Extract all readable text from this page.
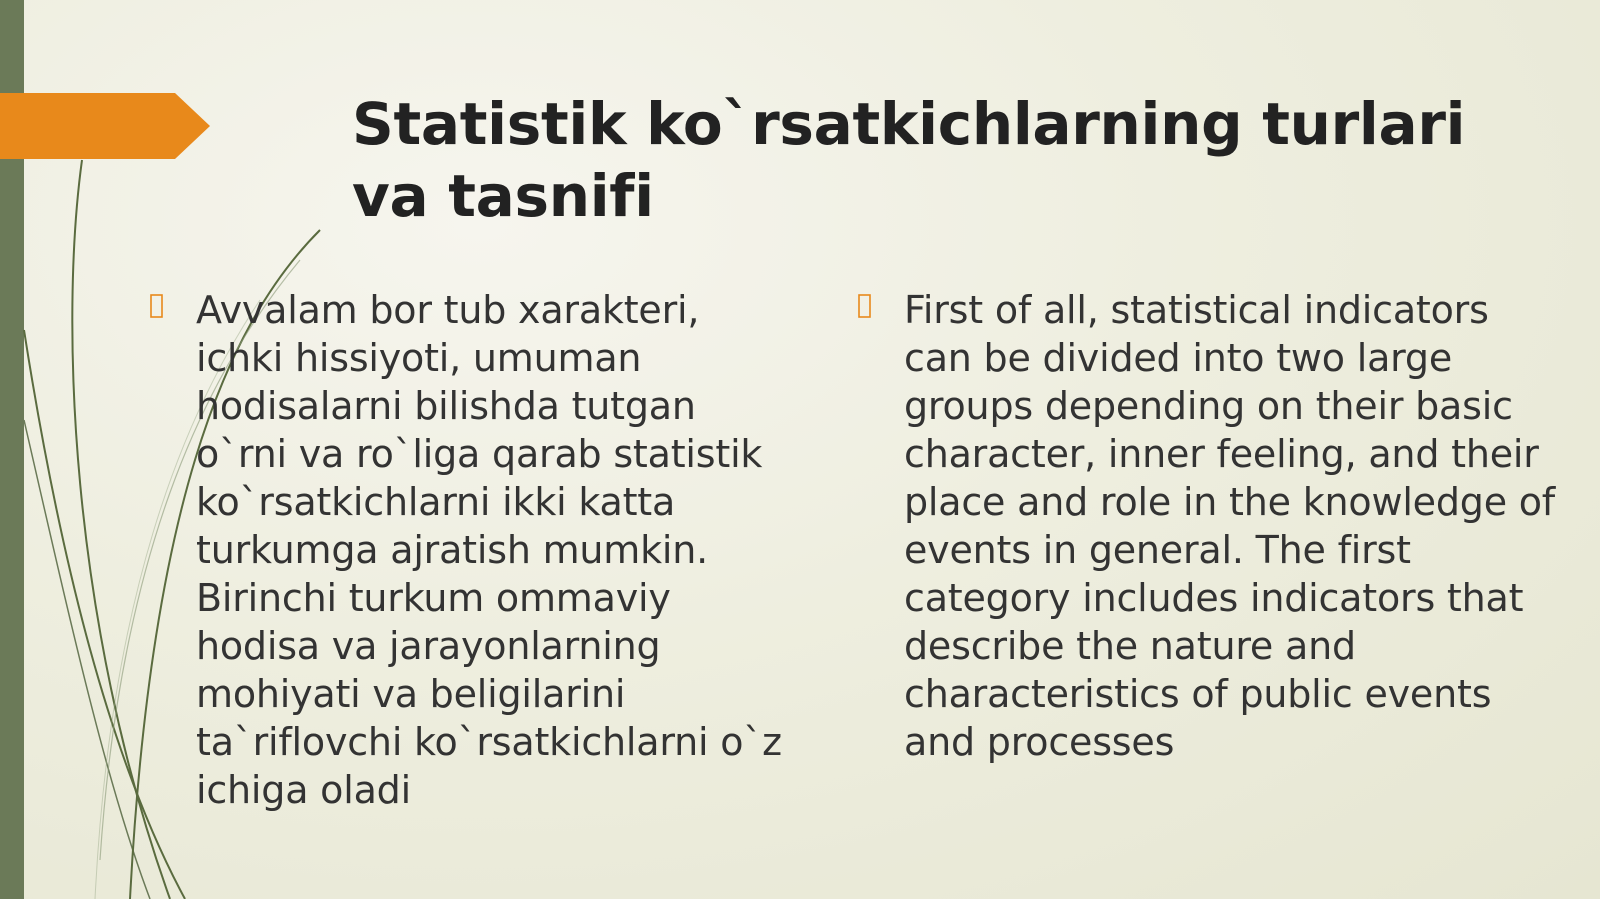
Statistik ko`rsatkichlarning turlari va tasnifi
Avvalam bor tub xarakteri, ichki hissiyoti, umuman hodisalarni bilishda tutgan o`rni va ro`liga qarab statistik ko`rsatkichlarni ikki katta turkumga ajratish mumkin. Birinchi turkum ommaviy hodisa va jarayonlarning mohiyati va beligilarini ta`riflovchi ko`rsatkichlarni o`z ichiga oladi
First of all, statistical indicators can be divided into two large groups depending on their basic character, inner feeling, and their place and role in the knowledge of events in general. The first category includes indicators that describe the nature and characteristics of public events and processes
